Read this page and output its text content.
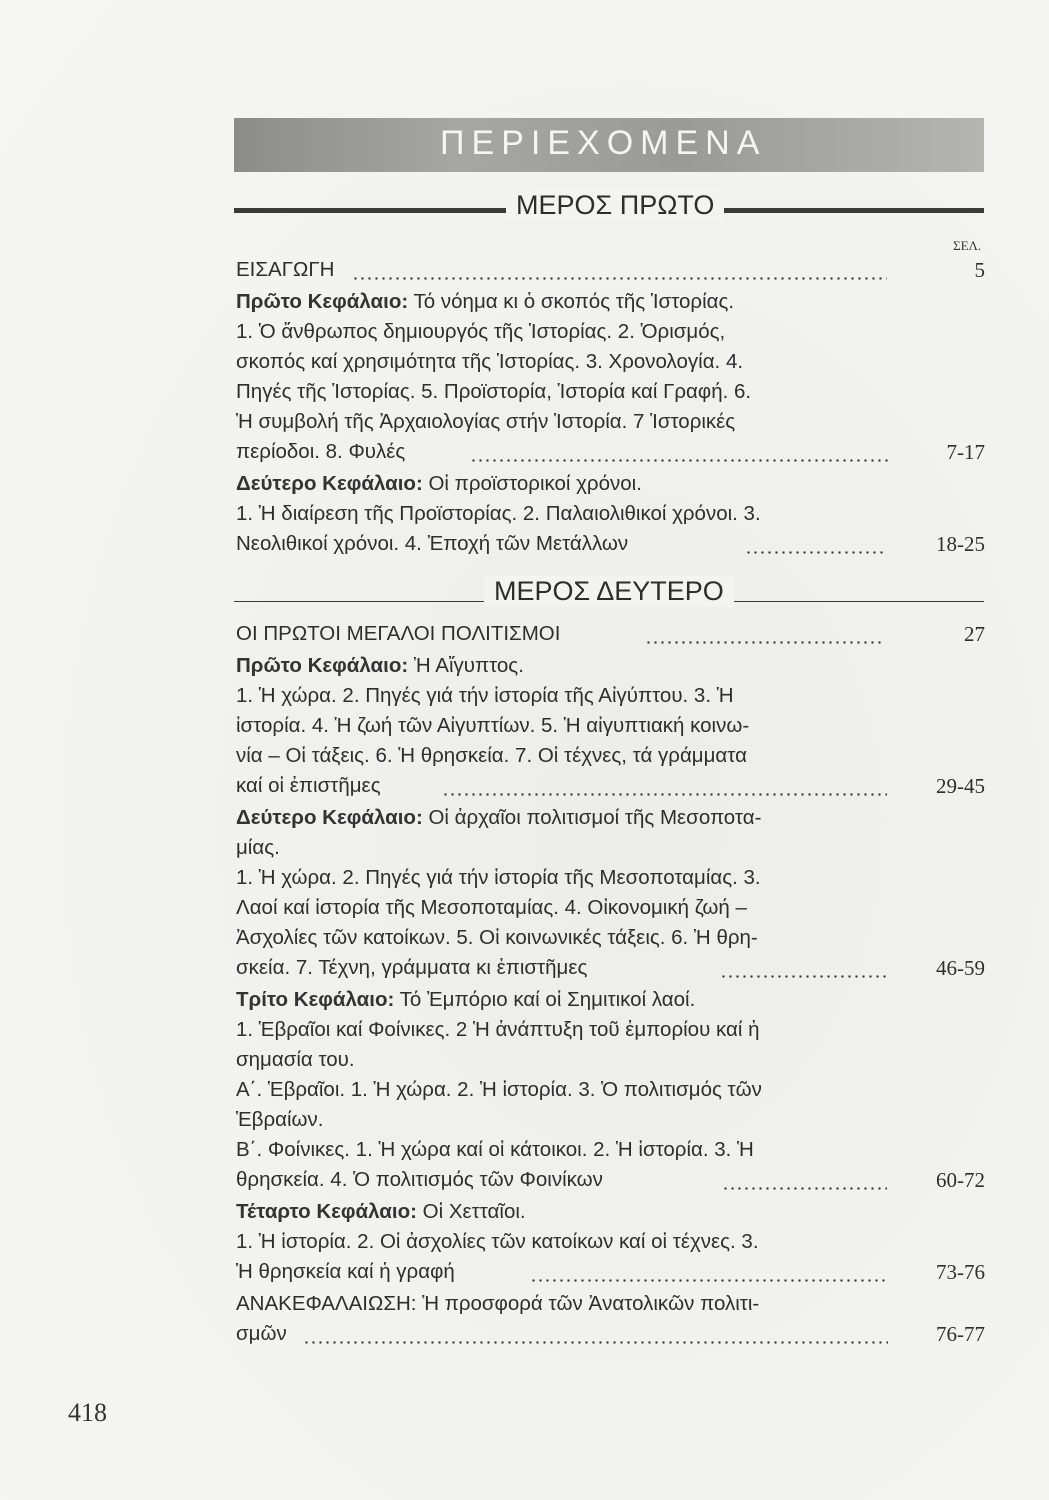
ΠΕΡΙΕΧΟΜΕΝΑ
ΜΕΡΟΣ ΠΡΩΤΟ
ΣΕΛ.
ΕΙΣΑΓΩΓΗ	5
Πρῶτο Κεφάλαιο: Τό νόημα κι ὁ σκοπός τῆς Ἱστορίας.
1. Ὁ ἄνθρωπος δημιουργός τῆς Ἱστορίας. 2. Ὁρισμός,
σκοπός καί χρησιμότητα τῆς Ἱστορίας. 3. Χρονολογία. 4.
Πηγές τῆς Ἱστορίας. 5. Προϊστορία, Ἱστορία καί Γραφή. 6.
Ἡ συμβολή τῆς Ἀρχαιολογίας στήν Ἱστορία. 7 Ἱστορικές
περίοδοι. 8. Φυλές	7-17
Δεύτερο Κεφάλαιο: Οἱ προϊστορικοί χρόνοι.
1. Ἡ διαίρεση τῆς Προϊστορίας. 2. Παλαιολιθικοί χρόνοι. 3.
Νεολιθικοί χρόνοι. 4. Ἐποχή τῶν Μετάλλων	18-25
ΜΕΡΟΣ ΔΕΥΤΕΡΟ
ΟΙ ΠΡΩΤΟΙ ΜΕΓΑΛΟΙ ΠΟΛΙΤΙΣΜΟΙ	27
Πρῶτο Κεφάλαιο: Ἡ Αἴγυπτος.
1. Ἡ χώρα. 2. Πηγές γιά τήν ἱστορία τῆς Αἰγύπτου. 3. Ἡ
ἱστορία. 4. Ἡ ζωή τῶν Αἰγυπτίων. 5. Ἡ αἰγυπτιακή κοινω-
νία – Οἱ τάξεις. 6. Ἡ θρησκεία. 7. Οἱ τέχνες, τά γράμματα
καί οἱ ἐπιστῆμες	29-45
Δεύτερο Κεφάλαιο: Οἱ ἀρχαῖοι πολιτισμοί τῆς Μεσοποτα-
μίας.
1. Ἡ χώρα. 2. Πηγές γιά τήν ἱστορία τῆς Μεσοποταμίας. 3.
Λαοί καί ἱστορία τῆς Μεσοποταμίας. 4. Οἰκονομική ζωή –
Ἀσχολίες τῶν κατοίκων. 5. Οἱ κοινωνικές τάξεις. 6. Ἡ θρη-
σκεία. 7. Τέχνη, γράμματα κι ἐπιστῆμες	46-59
Τρίτο Κεφάλαιο: Τό Ἐμπόριο καί οἱ Σημιτικοί λαοί.
1. Ἑβραῖοι καί Φοίνικες. 2 Ἡ ἀνάπτυξη τοῦ ἐμπορίου καί ἡ
σημασία του.
Α΄. Ἑβραῖοι. 1. Ἡ χώρα. 2. Ἡ ἱστορία. 3. Ὁ πολιτισμός τῶν
Ἑβραίων.
Β΄. Φοίνικες. 1. Ἡ χώρα καί οἱ κάτοικοι. 2. Ἡ ἱστορία. 3. Ἡ
θρησκεία. 4. Ὁ πολιτισμός τῶν Φοινίκων	60-72
Τέταρτο Κεφάλαιο: Οἱ Χετταῖοι.
1. Ἡ ἱστορία. 2. Οἱ ἀσχολίες τῶν κατοίκων καί οἱ τέχνες. 3.
Ἡ θρησκεία καί ἡ γραφή	73-76
ΑΝΑΚΕΦΑΛΑΙΩΣΗ: Ἡ προσφορά τῶν Ἀνατολικῶν πολιτι-
σμῶν	76-77
418
